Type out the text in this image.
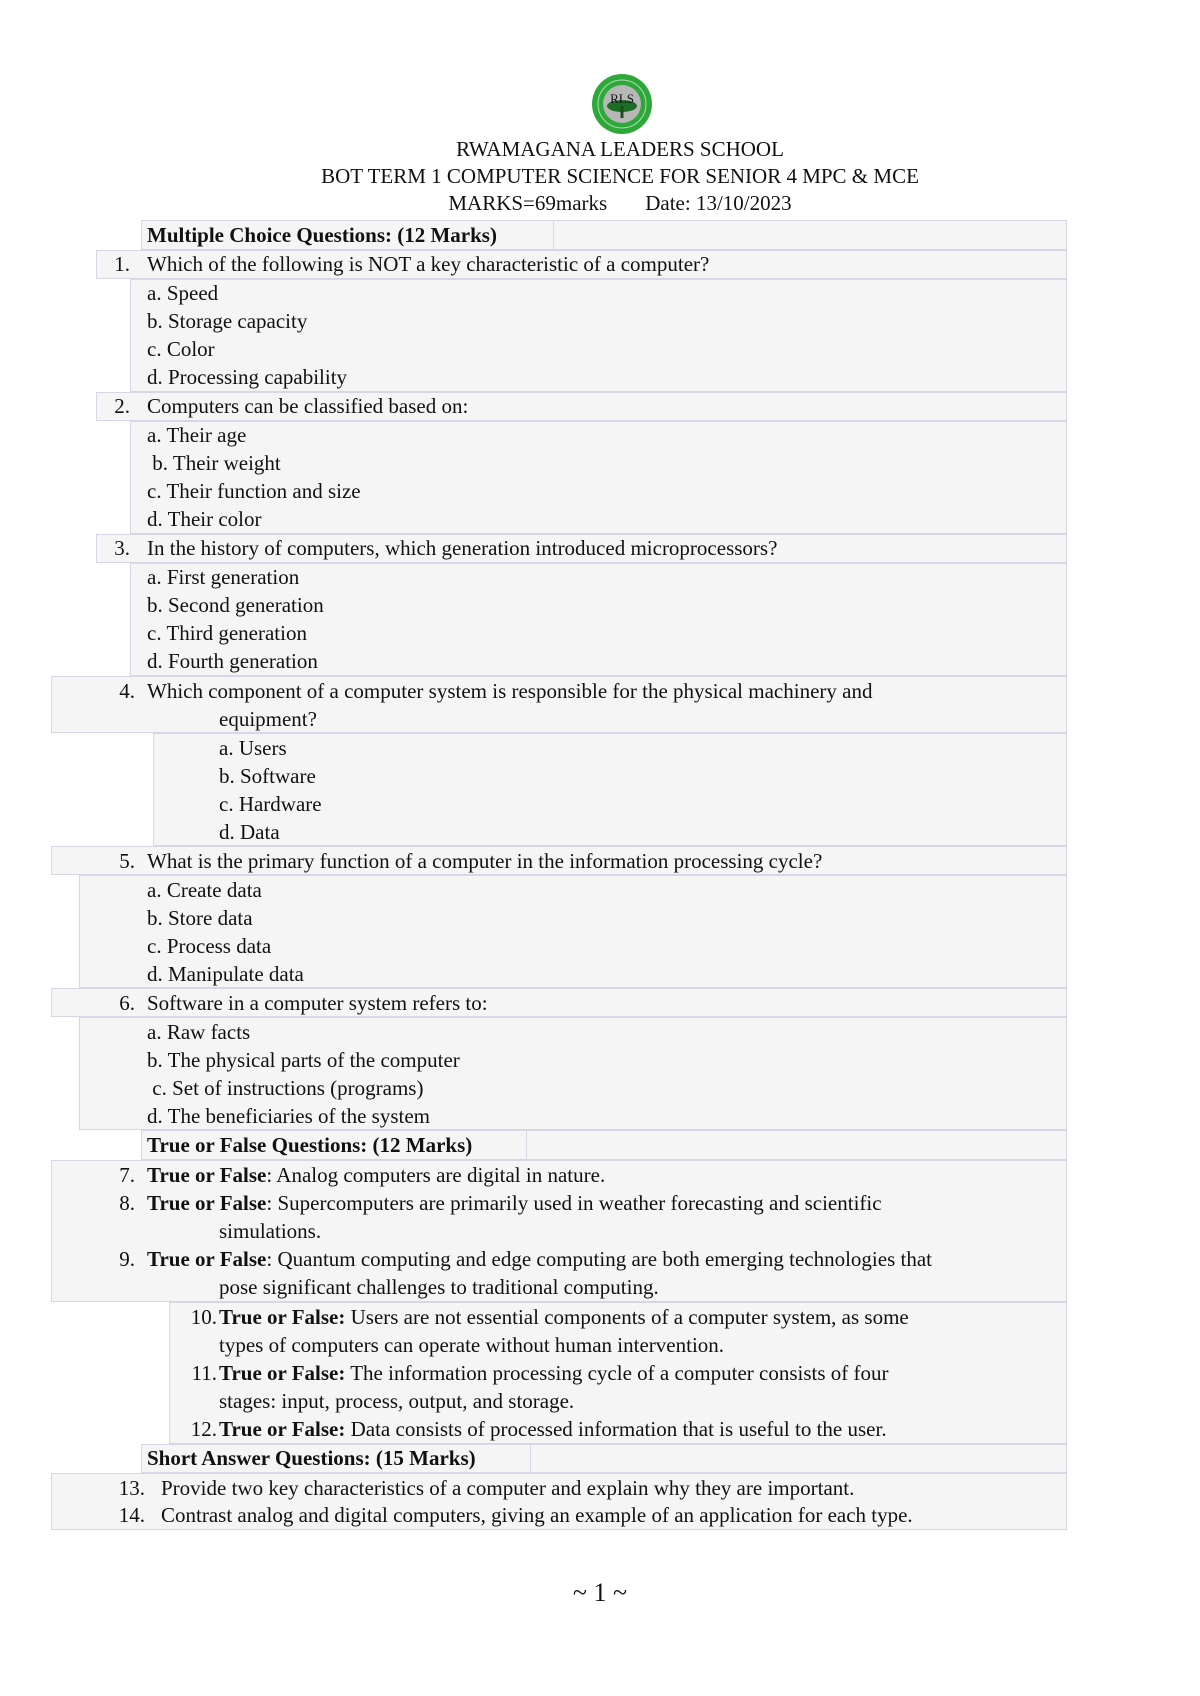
RLS
RWAMAGANA LEADERS SCHOOL
BOT TERM 1 COMPUTER SCIENCE FOR SENIOR 4 MPC & MCE
MARKS=69marks Date: 13/10/2023
Multiple Choice Questions: (12 Marks)
1. Which of the following is NOT a key characteristic of a computer?
a. Speed
b. Storage capacity
c. Color
d. Processing capability
2. Computers can be classified based on:
a. Their age
b. Their weight
c. Their function and size
d. Their color
3. In the history of computers, which generation introduced microprocessors?
a. First generation
b. Second generation
c. Third generation
d. Fourth generation
4. Which component of a computer system is responsible for the physical machinery and
equipment?
a. Users
b. Software
c. Hardware
d. Data
5. What is the primary function of a computer in the information processing cycle?
a. Create data
b. Store data
c. Process data
d. Manipulate data
6. Software in a computer system refers to:
a. Raw facts
b. The physical parts of the computer
c. Set of instructions (programs)
d. The beneficiaries of the system
True or False Questions: (12 Marks)
7. True or False: Analog computers are digital in nature.
8. True or False: Supercomputers are primarily used in weather forecasting and scientific
simulations.
9. True or False: Quantum computing and edge computing are both emerging technologies that
pose significant challenges to traditional computing.
10. True or False: Users are not essential components of a computer system, as some
types of computers can operate without human intervention.
11. True or False: The information processing cycle of a computer consists of four
stages: input, process, output, and storage.
12. True or False: Data consists of processed information that is useful to the user.
Short Answer Questions: (15 Marks)
13. Provide two key characteristics of a computer and explain why they are important.
14. Contrast analog and digital computers, giving an example of an application for each type.
~ 1 ~
